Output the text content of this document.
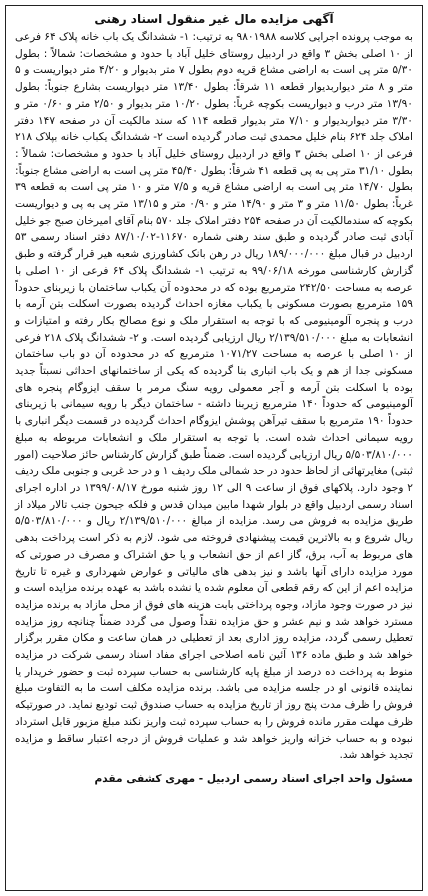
آگهی مزایده مال غیر منقول اسناد رهنی

به موجب پرونده اجرایی کلاسه ۹۸۰۱۹۸۸ به ترتیب: ۱- ششدانگ یک باب خانه پلاک ۶۴ فرعی از ۱۰ اصلی بخش ۳ واقع در اردبیل روستای خلیل آباد با حدود و مشخصات: شمالاً : بطول ۵/۳۰ متر پی است به اراضی مشاع قریه دوم بطول ۷ متر بدیوار و ۴/۲۰ متر دیواریست و ۵ متر و ۸ متر دیواربدیوار قطعه ۱۱ شرقاً: بطول ۱۳/۴۰ متر دیواریست بشارع جنوباً: بطول ۱۳/۹۰ متر درب و دیواریست بکوچه غرباً: بطول ۱۰/۲۰ متر بدیوار و ۲/۵۰ متر و ۰/۶۰ متر و ۳/۳۰ متر دیواربدیوار و ۷/۱۰ متر بدیوار قطعه ۱۱۴ که سند مالکیت آن در صفحه ۱۴۷ دفتر املاک جلد ۶۲۴ بنام خلیل محمدی ثبت صادر گردیده است ۲- ششدانگ یکباب خانه بپلاک ۲۱۸ فرعی از ۱۰ اصلی بخش ۳ واقع در اردبیل روستای خلیل آباد با حدود و مشخصات: شمالاً : بطول ۳۱/۱۰ متر پی به پی قطعه ۴۱ شرقاً: بطول ۴۵/۴۰ متر پی است به اراضی مشاع جنوباً: بطول ۱۴/۷۰ متر پی است به اراضی مشاع قریه و ۷/۵ متر و ۱۰ متر پی است به قطعه ۳۹ غرباً: بطول ۱۱/۵۰ متر و ۳ متر و ۱۴/۹۰ متر و ۰/۹۰ متر و ۱۳/۱۵ متر پی به پی و دیواریست بکوچه که سندمالکیت آن در صفحه ۲۵۴ دفتر املاک جلد ۵۷۰ بنام آقای امیرخان صبح جو خلیل آبادی ثبت صادر گردیده و طبق سند رهنی شماره ۱۱۶۷۰-۸۷/۱۰/۰۲ دفتر اسناد رسمی ۵۳ اردبیل در قبال مبلغ ۱۸۹/۰۰۰/۰۰۰ ریال در رهن بانک کشاورزی شعبه هیر قرار گرفته و طبق گزارش کارشناسی مورخه ۹۹/۰۶/۱۸ به ترتیب ۱- ششدانگ پلاک ۶۴ فرعی از ۱۰ اصلی با عرصه به مساحت ۲۴۲/۵۰ مترمربع بوده که در محدوده آن یکباب ساختمان با زیربنای حدوداً ۱۵۹ مترمربع بصورت مسکونی با یکباب مغازه احداث گردیده بصورت اسکلت بتن آرمه با درب و پنجره آلومینیومی که با توجه به استقرار ملک و نوع مصالح بکار رفته و امتیازات و انشعابات به مبلغ ۲/۱۳۹/۵۱۰/۰۰۰ ریال ارزیابی گردیده است. و ۲- ششدانگ پلاک ۲۱۸ فرعی از ۱۰ اصلی با عرصه به مساحت ۱۰۷۱/۲۷ مترمربع که در محدوده آن دو باب ساختمان مسکونی جدا از هم و یک باب انباری بنا گردیده که یکی از ساختمانهای احداثی نسبتاً جدید بوده با اسکلت بتن آرمه و آجر معمولی رویه سنگ مرمر با سقف ایزوگام پنجره های آلومینیومی که حدوداً ۱۴۰ مترمربع زیربنا داشته - ساختمان دیگر با رویه سیمانی با زیربنای حدوداً ۱۹۰ مترمربع با سقف تیرآهن پوشش ایزوگام احداث گردیده در قسمت دیگر انباری با رویه سیمانی احداث شده است. با توجه به استقرار ملک و انشعابات مربوطه به مبلغ ۵/۵۰۳/۸۱۰/۰۰۰ ریال ارزیابی گردیده است. ضمناً طبق گزارش کارشناس حائز صلاحیت (امور ثبتی) مغایرتهائی از لحاظ حدود در حد شمالی ملک ردیف ۱ و در حد غربی و جنوبی ملک ردیف ۲ وجود دارد. پلاکهای فوق از ساعت ۹ الی ۱۲ روز شنبه مورخ ۱۳۹۹/۰۸/۱۷ در اداره اجرای اسناد رسمی اردبیل واقع در بلوار شهدا مابین میدان قدس و فلکه جیحون جنب تالار میلاد از طریق مزایده به فروش می رسد. مزایده از مبالغ ۲/۱۳۹/۵۱۰/۰۰۰ ریال و ۵/۵۰۳/۸۱۰/۰۰۰ ریال شروع و به بالاترین قیمت پیشنهادی فروخته می شود. لازم به ذکر است پرداخت بدهی های مربوط به آب، برق، گاز اعم از حق انشعاب و یا حق اشتراک و مصرف در صورتی که مورد مزایده دارای آنها باشد و نیز بدهی های مالیاتی و عوارض شهرداری و غیره تا تاریخ مزایده اعم از این که رقم قطعی آن معلوم شده یا نشده باشد به عهده برنده مزایده است و نیز در صورت وجود مازاد، وجوه پرداختی بابت هزینه های فوق از محل مازاد به برنده مزایده مسترد خواهد شد و نیم عشر و حق مزایده نقداً وصول می گردد ضمناً چنانچه روز مزایده تعطیل رسمی گردد، مزایده روز اداری بعد از تعطیلی در همان ساعت و مکان مقرر برگزار خواهد شد و طبق ماده ۱۳۶ آئین نامه اصلاحی اجرای مفاد اسناد رسمی شرکت در مزایده منوط به پرداخت ده درصد از مبلغ پایه کارشناسی به حساب سپرده ثبت و حضور خریدار یا نماینده قانونی او در جلسه مزایده می باشد. برنده مزایده مکلف است ما به التفاوت مبلغ فروش را ظرف مدت پنج روز از تاریخ مزایده به حساب صندوق ثبت تودیع نماید. در صورتیکه ظرف مهلت مقرر مانده فروش را به حساب سپرده ثبت واریز نکند مبلغ مزبور قابل استرداد نبوده و به حساب خزانه واریز خواهد شد و عملیات فروش از درجه اعتبار ساقط و مزایده تجدید خواهد شد.

مسئول واحد اجرای اسناد رسمی اردبیل - مهری کشفی مقدم
